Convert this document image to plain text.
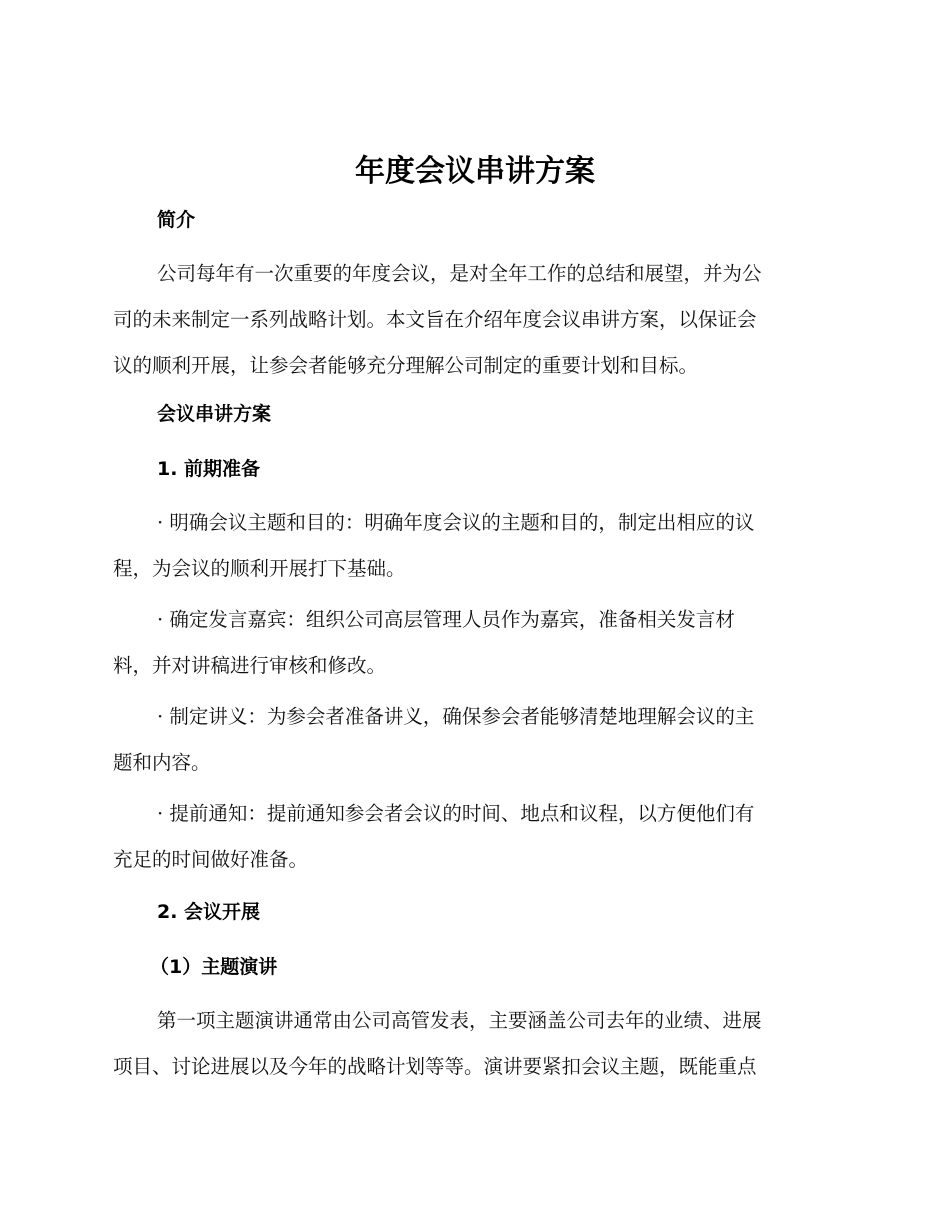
年度会议串讲方案
简介
公司每年有一次重要的年度会议，是对全年工作的总结和展望，并为公
司的未来制定一系列战略计划。本文旨在介绍年度会议串讲方案，以保证会
议的顺利开展，让参会者能够充分理解公司制定的重要计划和目标。
会议串讲方案
1. 前期准备
· 明确会议主题和目的：明确年度会议的主题和目的，制定出相应的议
程，为会议的顺利开展打下基础。
· 确定发言嘉宾：组织公司高层管理人员作为嘉宾，准备相关发言材
料，并对讲稿进行审核和修改。
· 制定讲义：为参会者准备讲义，确保参会者能够清楚地理解会议的主
题和内容。
· 提前通知：提前通知参会者会议的时间、地点和议程，以方便他们有
充足的时间做好准备。
2. 会议开展
（1）主题演讲
第一项主题演讲通常由公司高管发表，主要涵盖公司去年的业绩、进展
项目、讨论进展以及今年的战略计划等等。演讲要紧扣会议主题，既能重点
